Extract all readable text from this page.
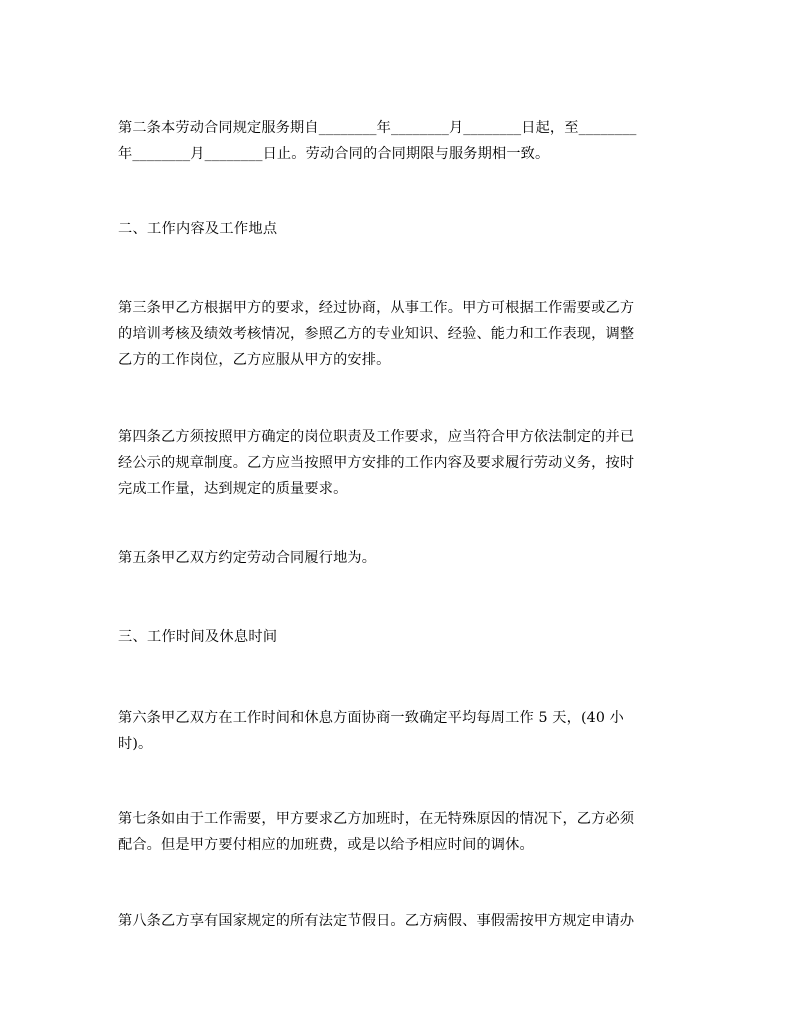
第二条本劳动合同规定服务期自________年________月________日起，至________
年________月________日止。劳动合同的合同期限与服务期相一致。

二、工作内容及工作地点

第三条甲乙方根据甲方的要求，经过协商，从事工作。甲方可根据工作需要或乙方
的培训考核及绩效考核情况，参照乙方的专业知识、经验、能力和工作表现，调整
乙方的工作岗位，乙方应服从甲方的安排。

第四条乙方须按照甲方确定的岗位职责及工作要求，应当符合甲方依法制定的并已
经公示的规章制度。乙方应当按照甲方安排的工作内容及要求履行劳动义务，按时
完成工作量，达到规定的质量要求。

第五条甲乙双方约定劳动合同履行地为。

三、工作时间及休息时间

第六条甲乙双方在工作时间和休息方面协商一致确定平均每周工作 5 天，(40 小
时)。

第七条如由于工作需要，甲方要求乙方加班时，在无特殊原因的情况下，乙方必须
配合。但是甲方要付相应的加班费，或是以给予相应时间的调休。

第八条乙方享有国家规定的所有法定节假日。乙方病假、事假需按甲方规定申请办
